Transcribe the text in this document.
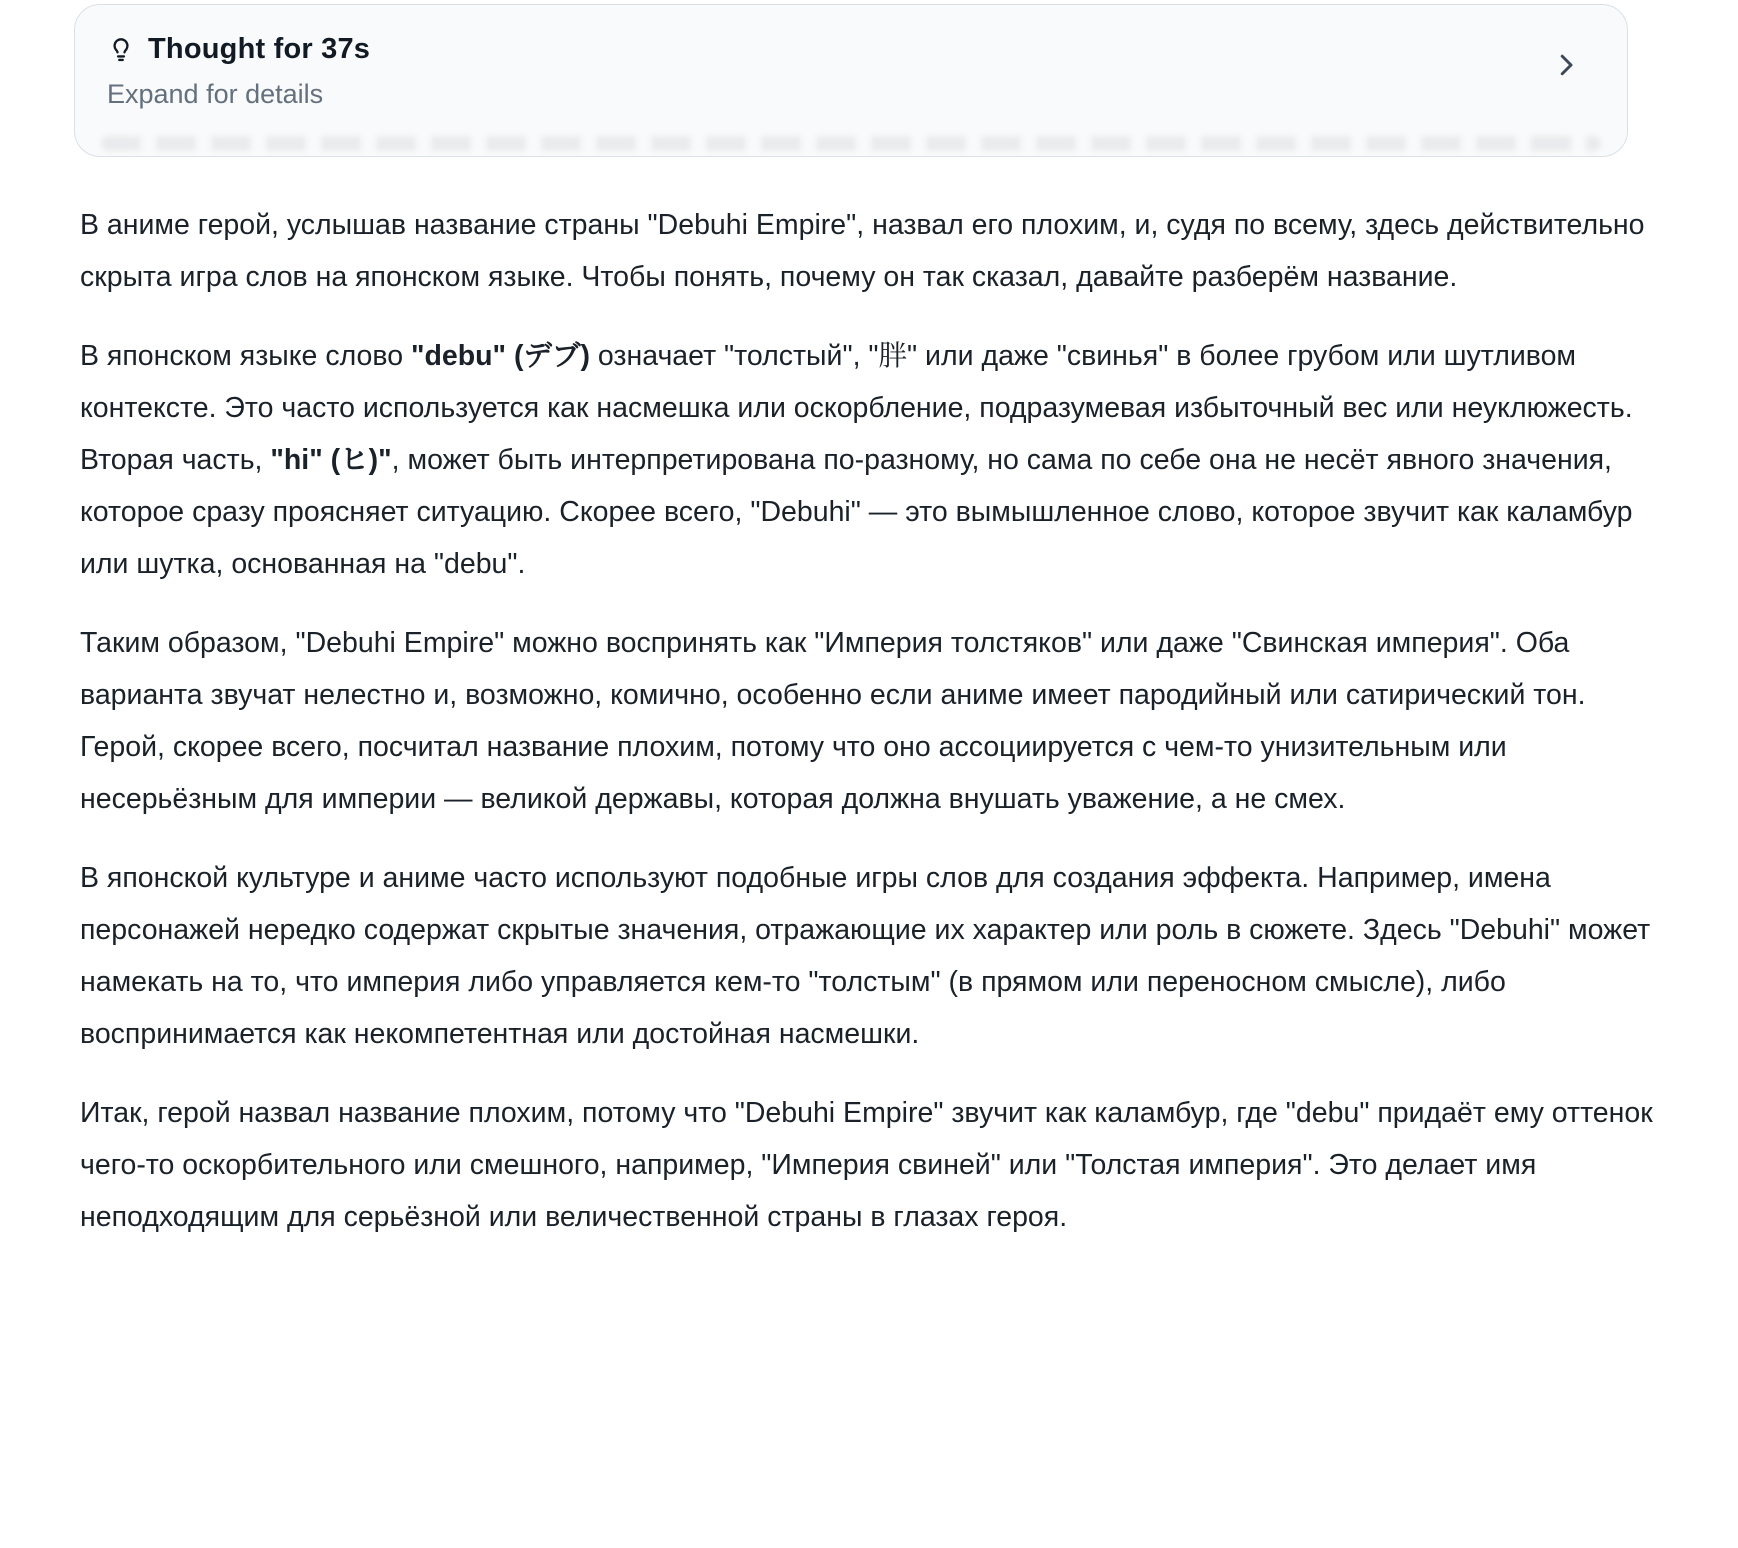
Thought for 37s
Expand for details

В аниме герой, услышав название страны "Debuhi Empire", назвал его плохим, и, судя по всему, здесь действительно скрыта игра слов на японском языке. Чтобы понять, почему он так сказал, давайте разберём название.

В японском языке слово "debu" (デブ) означает "толстый", "胖" или даже "свинья" в более грубом или шутливом контексте. Это часто используется как насмешка или оскорбление, подразумевая избыточный вес или неуклюжесть. Вторая часть, "hi" (ヒ)", может быть интерпретирована по-разному, но сама по себе она не несёт явного значения, которое сразу проясняет ситуацию. Скорее всего, "Debuhi" — это вымышленное слово, которое звучит как каламбур или шутка, основанная на "debu".

Таким образом, "Debuhi Empire" можно воспринять как "Империя толстяков" или даже "Свинская империя". Оба варианта звучат нелестно и, возможно, комично, особенно если аниме имеет пародийный или сатирический тон. Герой, скорее всего, посчитал название плохим, потому что оно ассоциируется с чем-то унизительным или несерьёзным для империи — великой державы, которая должна внушать уважение, а не смех.

В японской культуре и аниме часто используют подобные игры слов для создания эффекта. Например, имена персонажей нередко содержат скрытые значения, отражающие их характер или роль в сюжете. Здесь "Debuhi" может намекать на то, что империя либо управляется кем-то "толстым" (в прямом или переносном смысле), либо воспринимается как некомпетентная или достойная насмешки.

Итак, герой назвал название плохим, потому что "Debuhi Empire" звучит как каламбур, где "debu" придаёт ему оттенок чего-то оскорбительного или смешного, например, "Империя свиней" или "Толстая империя". Это делает имя неподходящим для серьёзной или величественной страны в глазах героя.
